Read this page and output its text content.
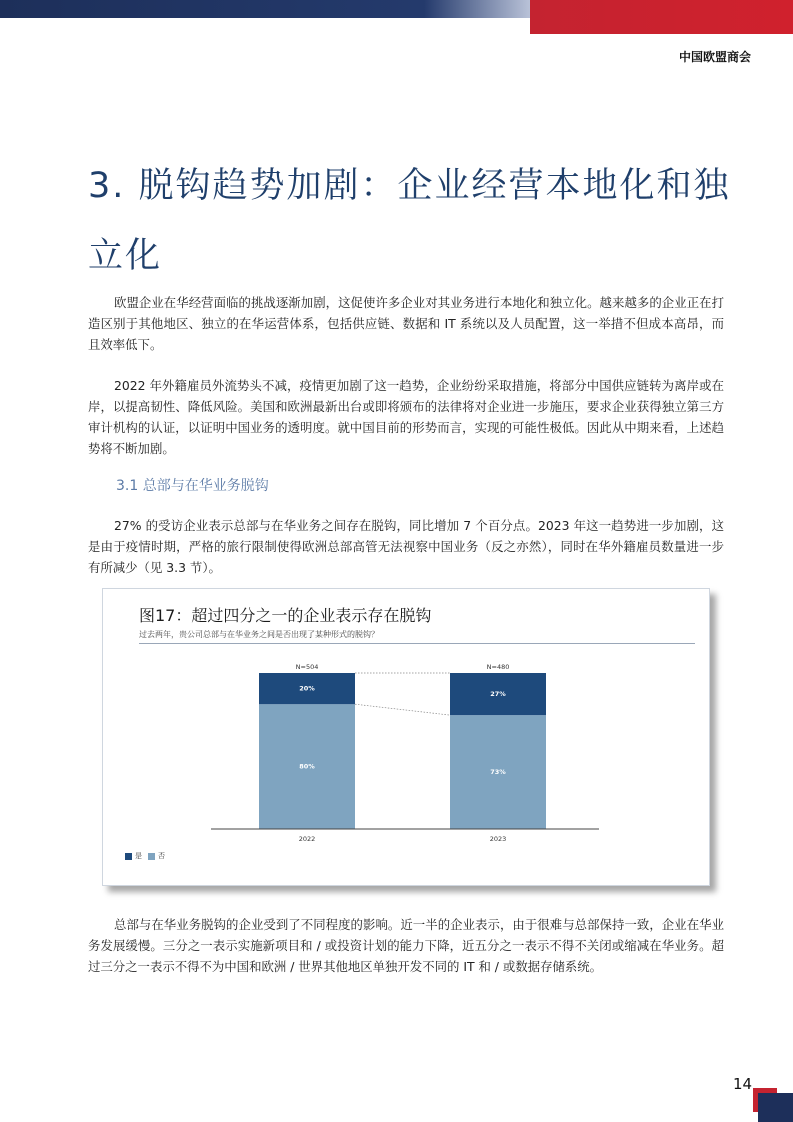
中国欧盟商会
3. 脱钩趋势加剧：企业经营本地化和独立化

欧盟企业在华经营面临的挑战逐渐加剧，这促使许多企业对其业务进行本地化和独立化。越来越多的企业正在打造区别于其他地区、独立的在华运营体系，包括供应链、数据和 IT 系统以及人员配置，这一举措不但成本高昂，而且效率低下。

2022 年外籍雇员外流势头不减，疫情更加剧了这一趋势，企业纷纷采取措施，将部分中国供应链转为离岸或在岸，以提高韧性、降低风险。美国和欧洲最新出台或即将颁布的法律将对企业进一步施压，要求企业获得独立第三方审计机构的认证，以证明中国业务的透明度。就中国目前的形势而言，实现的可能性极低。因此从中期来看，上述趋势将不断加剧。

3.1 总部与在华业务脱钩

27% 的受访企业表示总部与在华业务之间存在脱钩，同比增加 7 个百分点。2023 年这一趋势进一步加剧，这是由于疫情时期，严格的旅行限制使得欧洲总部高管无法视察中国业务（反之亦然），同时在华外籍雇员数量进一步有所减少（见 3.3 节）。

图17：超过四分之一的企业表示存在脱钩
过去两年，贵公司总部与在华业务之间是否出现了某种形式的脱钩？
80%
20%
N=504
2022
73%
27%
N=480
2023
是 否

总部与在华业务脱钩的企业受到了不同程度的影响。近一半的企业表示，由于很难与总部保持一致，企业在华业务发展缓慢。三分之一表示实施新项目和 / 或投资计划的能力下降，近五分之一表示不得不关闭或缩减在华业务。超过三分之一表示不得不为中国和欧洲 / 世界其他地区单独开发不同的 IT 和 / 或数据存储系统。

14
